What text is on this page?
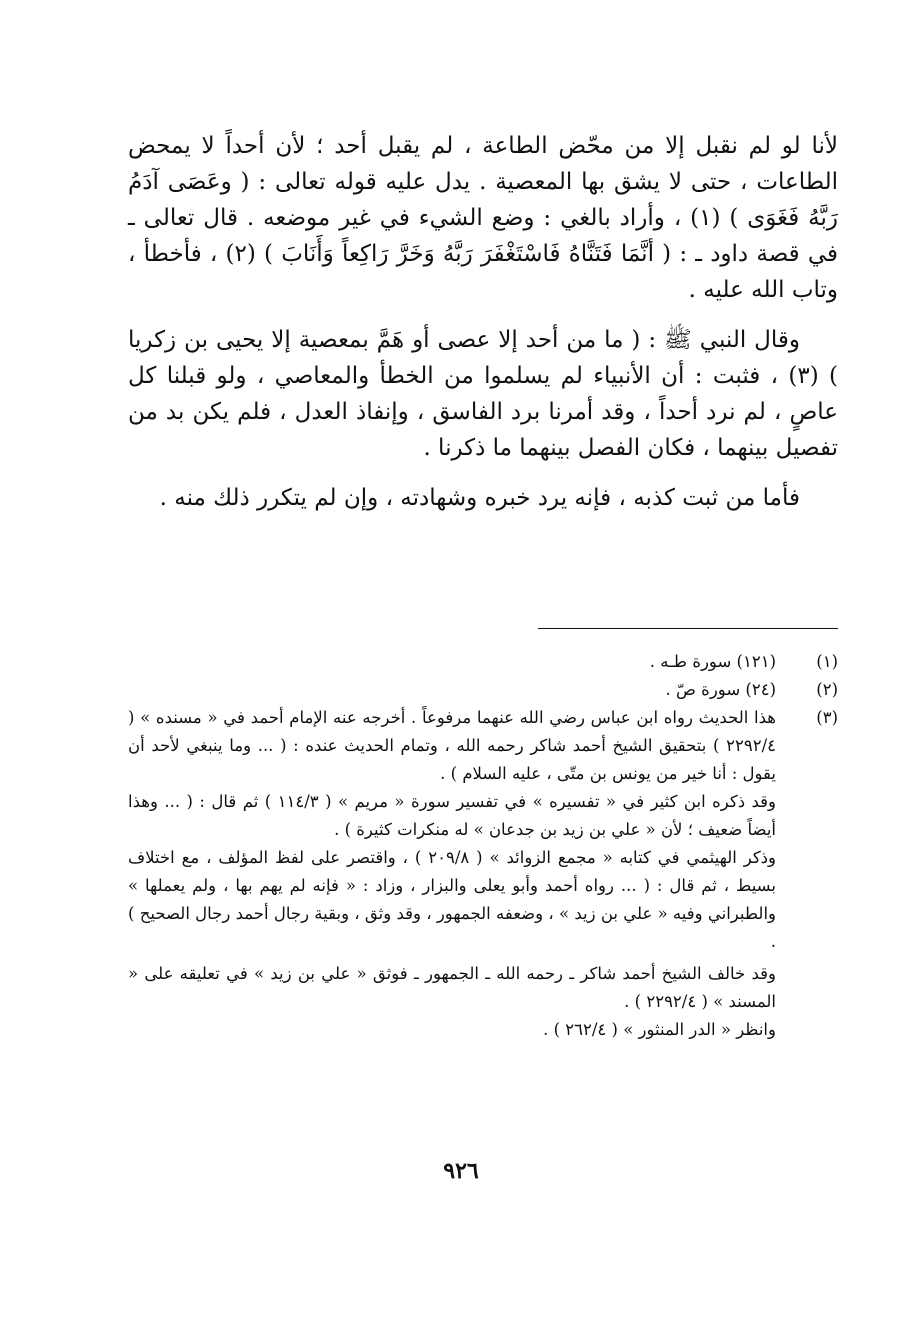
لأنا لو لم نقبل إلا من محّض الطاعة ، لم يقبل أحد ؛ لأن أحداً لا يمحض الطاعات ، حتى لا يشق بها المعصية . يدل عليه قوله تعالى : ( وعَصَى آدَمُ رَبَّهُ فَغَوَى ) (١) ، وأراد بالغي : وضع الشيء في غير موضعه . قال تعالى ـ في قصة داود ـ : ( أنَّمَا فَتَنَّاهُ فَاسْتَغْفَرَ رَبَّهُ وَخَرَّ رَاكِعاً وَأَنَابَ ) (٢) ، فأخطأ ، وتاب الله عليه .

وقال النبي ﷺ : ( ما من أحد إلا عصى أو هَمَّ بمعصية إلا يحيى بن زكريا ) (٣) ، فثبت : أن الأنبياء لم يسلموا من الخطأ والمعاصي ، ولو قبلنا كل عاصٍ ، لم نرد أحداً ، وقد أمرنا برد الفاسق ، وإنفاذ العدل ، فلم يكن بد من تفصيل بينهما ، فكان الفصل بينهما ما ذكرنا .

فأما من ثبت كذبه ، فإنه يرد خبره وشهادته ، وإن لم يتكرر ذلك منه .

(١)

(١٢١) سورة طـه .

(٢)

(٢٤) سورة صّ .

(٣)

هذا الحديث رواه ابن عباس رضي الله عنهما مرفوعاً . أخرجه عنه الإمام أحمد في « مسنده » ( ٢٢٩٢/٤ ) بتحقيق الشيخ أحمد شاكر رحمه الله ، وتمام الحديث عنده : ( ... وما ينبغي لأحد أن يقول : أنا خير من يونس بن متّى ، عليه السلام ) .

وقد ذكره ابن كثير في « تفسيره » في تفسير سورة « مريم » ( ١١٤/٣ ) ثم قال : ( ... وهذا أيضاً ضعيف ؛ لأن « علي بن زيد بن جدعان » له منكرات كثيرة ) .

وذكر الهيثمي في كتابه « مجمع الزوائد » ( ٢٠٩/٨ ) ، واقتصر على لفظ المؤلف ، مع اختلاف بسيط ، ثم قال : ( ... رواه أحمد وأبو يعلى والبزار ، وزاد : « فإنه لم يهم بها ، ولم يعملها » والطبراني وفيه « علي بن زيد » ، وضعفه الجمهور ، وقد وثق ، وبقية رجال أحمد رجال الصحيح ) .

وقد خالف الشيخ أحمد شاكر ـ رحمه الله ـ الجمهور ـ فوثق « علي بن زيد » في تعليقه على « المسند » ( ٢٢٩٢/٤ ) .

وانظر « الدر المنثور » ( ٢٦٢/٤ ) .

٩٢٦
